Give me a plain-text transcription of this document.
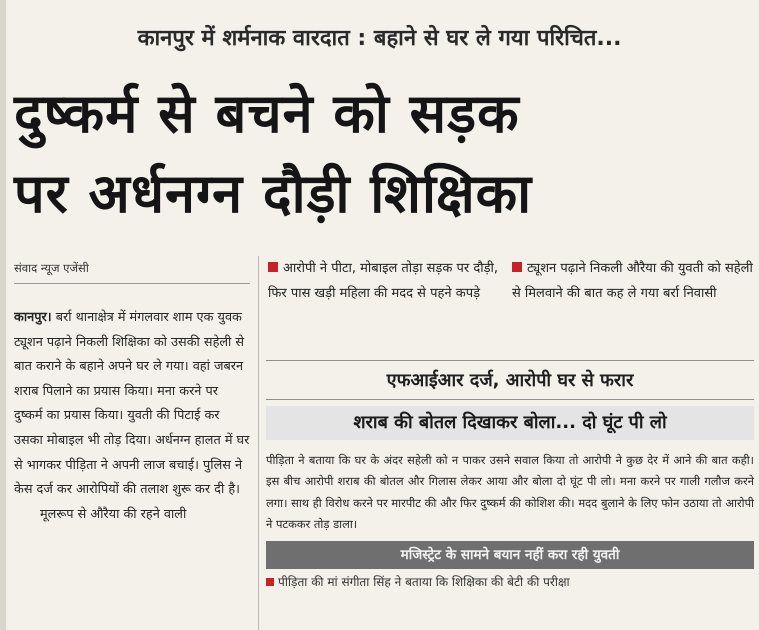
कानपुर में शर्मनाक वारदात : बहाने से घर ले गया परिचित...
दुष्कर्म से बचने को सड़क
पर अर्धनग्न दौड़ी शिक्षिका
संवाद न्यूज एजेंसी

कानपुर। बर्रा थानाक्षेत्र में मंगलवार शाम एक युवक ट्यूशन पढ़ाने निकली शिक्षिका को उसकी सहेली से बात कराने के बहाने अपने घर ले गया। वहां जबरन शराब पिलाने का प्रयास किया। मना करने पर दुष्कर्म का प्रयास किया। युवती की पिटाई कर उसका मोबाइल भी तोड़ दिया। अर्धनग्न हालत में घर से भागकर पीड़िता ने अपनी लाज बचाई। पुलिस ने केस दर्ज कर आरोपियों की तलाश शुरू कर दी है।

मूलरूप से औरैया की रहने वाली

आरोपी ने पीटा, मोबाइल तोड़ा सड़क पर दौड़ी, फिर पास खड़ी महिला की मदद से पहने कपड़े
ट्यूशन पढ़ाने निकली औरैया की युवती को सहेली से मिलवाने की बात कह ले गया बर्रा निवासी
एफआईआर दर्ज, आरोपी घर से फरार
शराब की बोतल दिखाकर बोला... दो घूंट पी लो
पीड़िता ने बताया कि घर के अंदर सहेली को न पाकर उसने सवाल किया तो आरोपी ने कुछ देर में आने की बात कही। इस बीच आरोपी शराब की बोतल और गिलास लेकर आया और बोला दो घूंट पी लो। मना करने पर गाली गलौज करने लगा। साथ ही विरोध करने पर मारपीट की और फिर दुष्कर्म की कोशिश की। मदद बुलाने के लिए फोन उठाया तो आरोपी ने पटककर तोड़ डाला।
मजिस्ट्रेट के सामने बयान नहीं करा रही युवती
पीड़िता की मां संगीता सिंह ने बताया कि शिक्षिका की बेटी की परीक्षा
